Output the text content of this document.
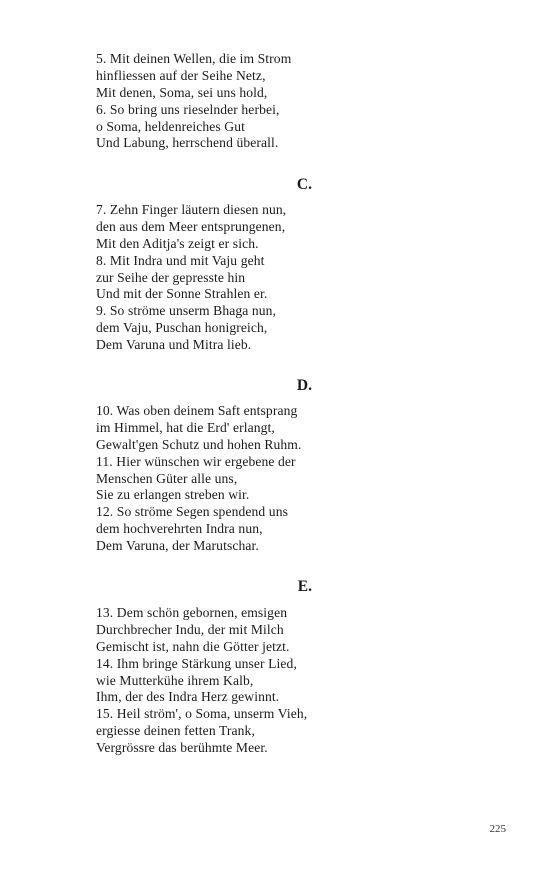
5. Mit deinen Wellen, die im Strom
hinfliessen auf der Seihe Netz,
Mit denen, Soma, sei uns hold,
6. So bring uns rieselnder herbei,
o Soma, heldenreiches Gut
Und Labung, herrschend überall.
C.
7. Zehn Finger läutern diesen nun,
den aus dem Meer entsprungenen,
Mit den Aditja's zeigt er sich.
8. Mit Indra und mit Vaju geht
zur Seihe der gepresste hin
Und mit der Sonne Strahlen er.
9. So ströme unserm Bhaga nun,
dem Vaju, Puschan honigreich,
Dem Varuna und Mitra lieb.
D.
10. Was oben deinem Saft entsprang
im Himmel, hat die Erd' erlangt,
Gewalt'gen Schutz und hohen Ruhm.
11. Hier wünschen wir ergebene der
Menschen Güter alle uns,
Sie zu erlangen streben wir.
12. So ströme Segen spendend uns
dem hochverehrten Indra nun,
Dem Varuna, der Marutschar.
E.
13. Dem schön gebornen, emsigen
Durchbrecher Indu, der mit Milch
Gemischt ist, nahn die Götter jetzt.
14. Ihm bringe Stärkung unser Lied,
wie Mutterkühe ihrem Kalb,
Ihm, der des Indra Herz gewinnt.
15. Heil ström', o Soma, unserm Vieh,
ergiesse deinen fetten Trank,
Vergrössre das berühmte Meer.
225
